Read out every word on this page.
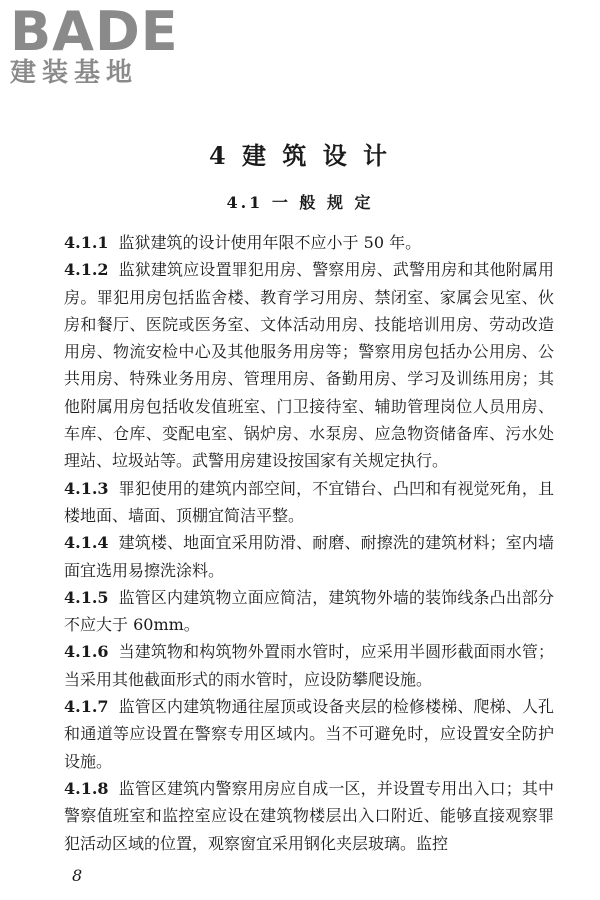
BADE
建装基地
4 建 筑 设 计
4.1 一 般 规 定

4.1.1 监狱建筑的设计使用年限不应小于 50 年。

4.1.2 监狱建筑应设置罪犯用房、警察用房、武警用房和其他附属用房。罪犯用房包括监舍楼、教育学习用房、禁闭室、家属会见室、伙房和餐厅、医院或医务室、文体活动用房、技能培训用房、劳动改造用房、物流安检中心及其他服务用房等；警察用房包括办公用房、公共用房、特殊业务用房、管理用房、备勤用房、学习及训练用房；其他附属用房包括收发值班室、门卫接待室、辅助管理岗位人员用房、车库、仓库、变配电室、锅炉房、水泵房、应急物资储备库、污水处理站、垃圾站等。武警用房建设按国家有关规定执行。

4.1.3 罪犯使用的建筑内部空间，不宜错台、凸凹和有视觉死角，且楼地面、墙面、顶棚宜简洁平整。

4.1.4 建筑楼、地面宜采用防滑、耐磨、耐擦洗的建筑材料；室内墙面宜选用易擦洗涂料。

4.1.5 监管区内建筑物立面应简洁，建筑物外墙的装饰线条凸出部分不应大于 60mm。

4.1.6 当建筑物和构筑物外置雨水管时，应采用半圆形截面雨水管；当采用其他截面形式的雨水管时，应设防攀爬设施。

4.1.7 监管区内建筑物通往屋顶或设备夹层的检修楼梯、爬梯、人孔和通道等应设置在警察专用区域内。当不可避免时，应设置安全防护设施。

4.1.8 监管区建筑内警察用房应自成一区，并设置专用出入口；其中警察值班室和监控室应设在建筑物楼层出入口附近、能够直接观察罪犯活动区域的位置，观察窗宜采用钢化夹层玻璃。监控

8
